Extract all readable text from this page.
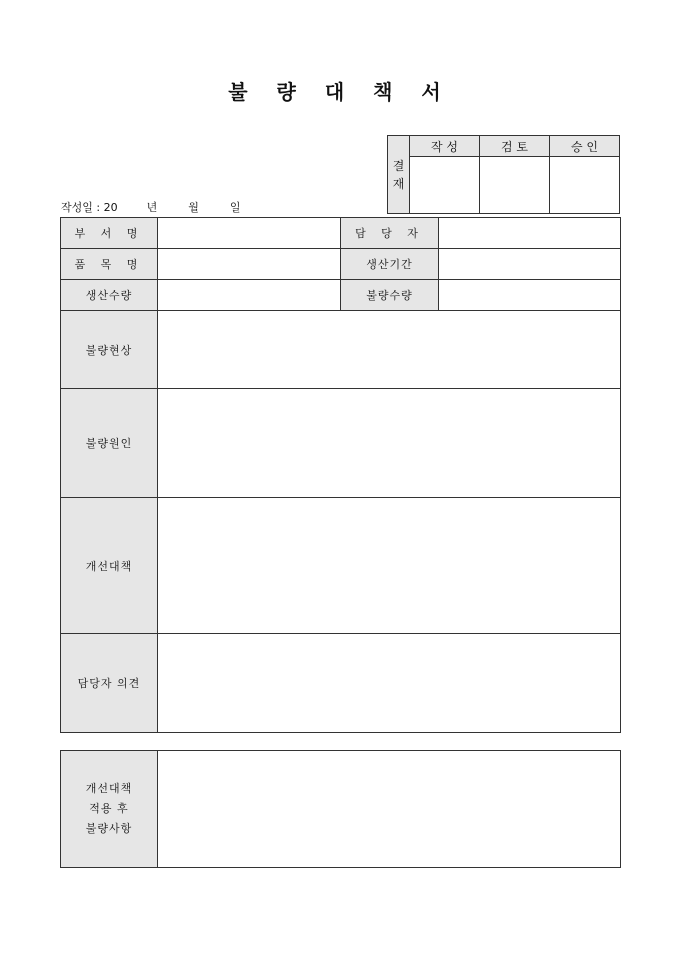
불 량 대 책 서
결
재	작 성	검 토	승 인

작성일 : 20	년	월	일
부 서 명		담 당 자	
품 목 명		생산기간	
생산수량		불량수량	
불량현상			
불량원인			
개선대책			
담당자 의견			
개선대책
적용 후
불량사항	
